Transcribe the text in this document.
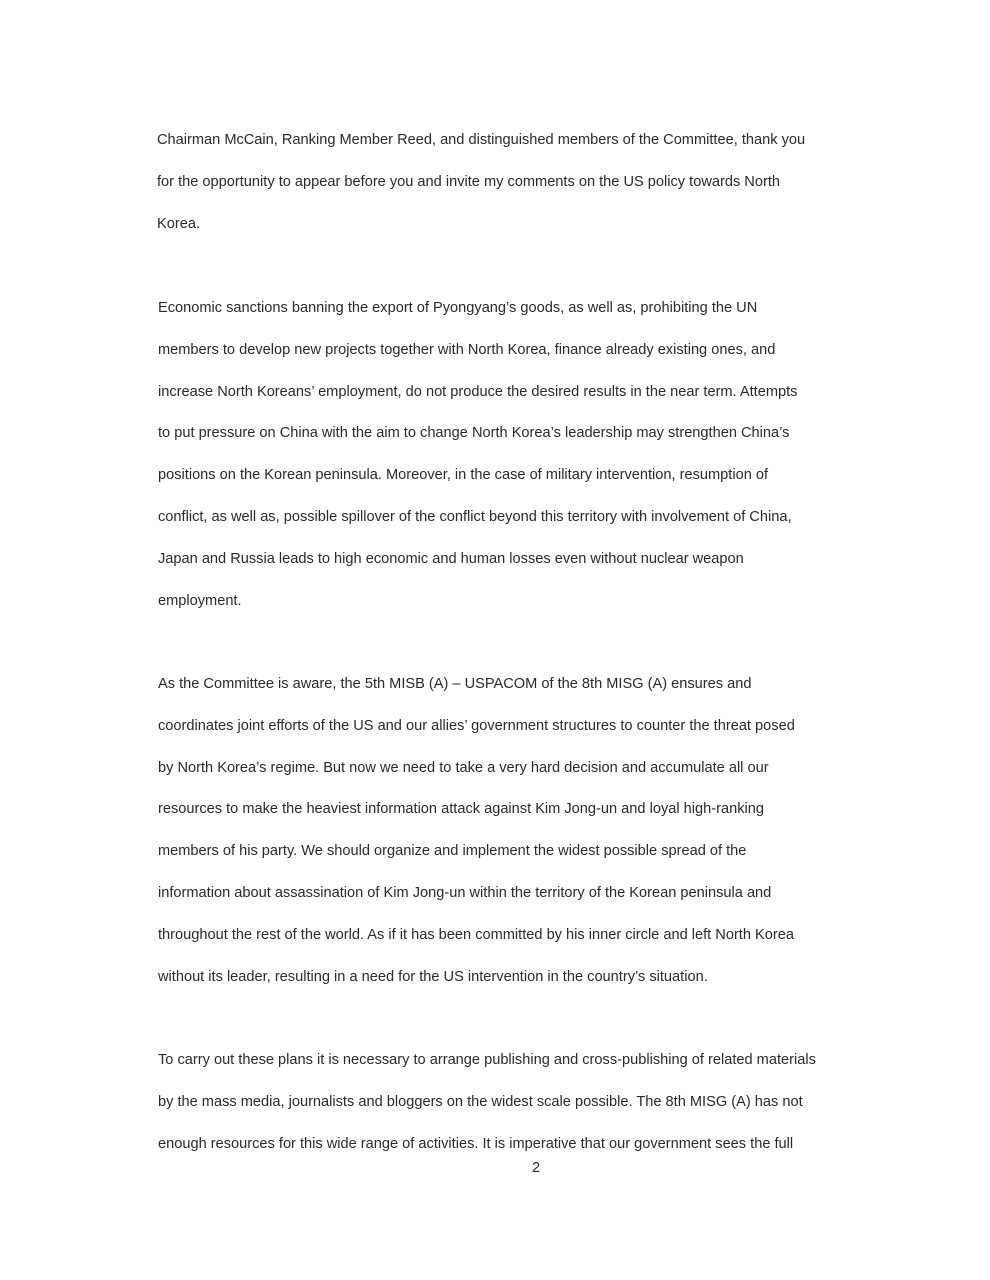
Chairman McCain, Ranking Member Reed, and distinguished members of the Committee, thank you
for the opportunity to appear before you and invite my comments on the US policy towards North
Korea.

Economic sanctions banning the export of Pyongyang’s goods, as well as, prohibiting the UN
members to develop new projects together with North Korea, finance already existing ones, and
increase North Koreans’ employment, do not produce the desired results in the near term. Attempts
to put pressure on China with the aim to change North Korea’s leadership may strengthen China’s
positions on the Korean peninsula. Moreover, in the case of military intervention, resumption of
conflict, as well as, possible spillover of the conflict beyond this territory with involvement of China,
Japan and Russia leads to high economic and human losses even without nuclear weapon
employment.

As the Committee is aware, the 5th MISB (A) – USPACOM of the 8th MISG (A) ensures and
coordinates joint efforts of the US and our allies’ government structures to counter the threat posed
by North Korea’s regime. But now we need to take a very hard decision and accumulate all our
resources to make the heaviest information attack against Kim Jong-un and loyal high-ranking
members of his party. We should organize and implement the widest possible spread of the
information about assassination of Kim Jong-un within the territory of the Korean peninsula and
throughout the rest of the world. As if it has been committed by his inner circle and left North Korea
without its leader, resulting in a need for the US intervention in the country’s situation.

To carry out these plans it is necessary to arrange publishing and cross-publishing of related materials
by the mass media, journalists and bloggers on the widest scale possible. The 8th MISG (A) has not
enough resources for this wide range of activities. It is imperative that our government sees the full

2
